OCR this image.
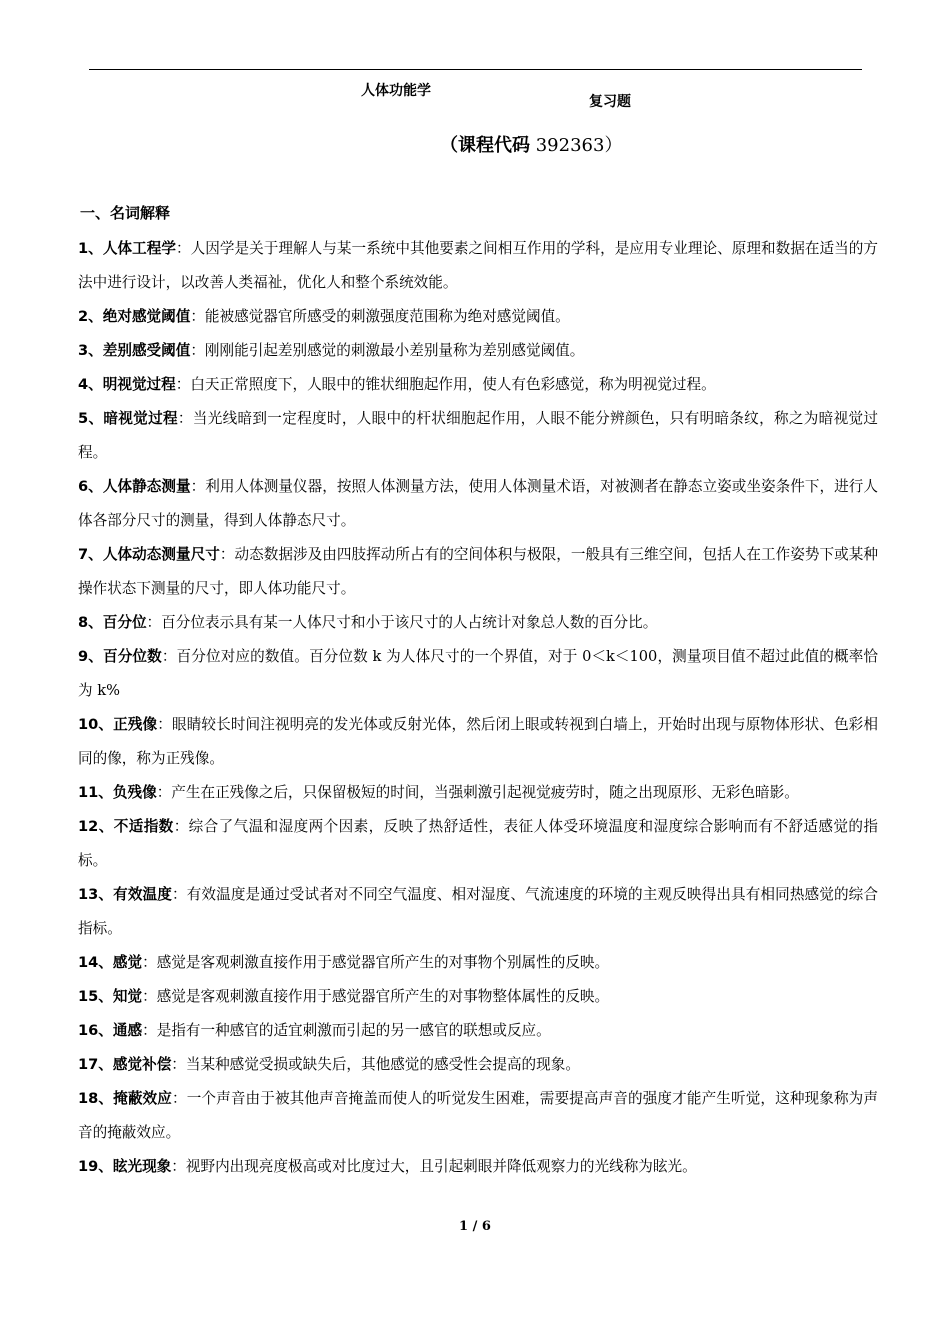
人体功能学
复习题
（课程代码 392363）
一、名词解释
1、人体工程学：人因学是关于理解人与某一系统中其他要素之间相互作用的学科，是应用专业理论、原理和数据在适当的方法中进行设计，以改善人类福祉，优化人和整个系统效能。
2、绝对感觉阈值：能被感觉器官所感受的刺激强度范围称为绝对感觉阈值。
3、差别感受阈值：刚刚能引起差别感觉的刺激最小差别量称为差别感觉阈值。
4、明视觉过程：白天正常照度下，人眼中的锥状细胞起作用，使人有色彩感觉，称为明视觉过程。
5、暗视觉过程：当光线暗到一定程度时，人眼中的杆状细胞起作用，人眼不能分辨颜色，只有明暗条纹，称之为暗视觉过程。
6、人体静态测量：利用人体测量仪器，按照人体测量方法，使用人体测量术语，对被测者在静态立姿或坐姿条件下，进行人体各部分尺寸的测量，得到人体静态尺寸。
7、人体动态测量尺寸：动态数据涉及由四肢挥动所占有的空间体积与极限，一般具有三维空间，包括人在工作姿势下或某种操作状态下测量的尺寸，即人体功能尺寸。
8、百分位：百分位表示具有某一人体尺寸和小于该尺寸的人占统计对象总人数的百分比。
9、百分位数：百分位对应的数值。百分位数 k 为人体尺寸的一个界值，对于 0＜k＜100，测量项目值不超过此值的概率恰为 k%
10、正残像：眼睛较长时间注视明亮的发光体或反射光体，然后闭上眼或转视到白墙上，开始时出现与原物体形状、色彩相同的像，称为正残像。
11、负残像：产生在正残像之后，只保留极短的时间，当强刺激引起视觉疲劳时，随之出现原形、无彩色暗影。
12、不适指数：综合了气温和湿度两个因素，反映了热舒适性，表征人体受环境温度和湿度综合影响而有不舒适感觉的指标。
13、有效温度：有效温度是通过受试者对不同空气温度、相对湿度、气流速度的环境的主观反映得出具有相同热感觉的综合指标。
14、感觉：感觉是客观刺激直接作用于感觉器官所产生的对事物个别属性的反映。
15、知觉：感觉是客观刺激直接作用于感觉器官所产生的对事物整体属性的反映。
16、通感：是指有一种感官的适宜刺激而引起的另一感官的联想或反应。
17、感觉补偿：当某种感觉受损或缺失后，其他感觉的感受性会提高的现象。
18、掩蔽效应：一个声音由于被其他声音掩盖而使人的听觉发生困难，需要提高声音的强度才能产生听觉，这种现象称为声音的掩蔽效应。
19、眩光现象：视野内出现亮度极高或对比度过大，且引起刺眼并降低观察力的光线称为眩光。
1 / 6
